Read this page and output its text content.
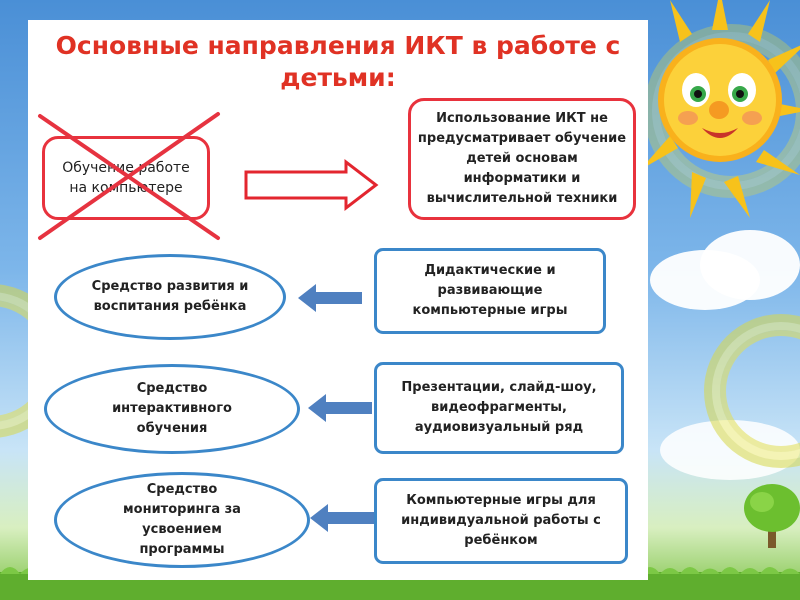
Основные направления ИКТ в работе с
детьми:
Обучение работе
на компьютере
Использование ИКТ не
предусматривает обучение
детей основам
информатики и
вычислительной техники
Средство развития и
воспитания ребёнка
Дидактические и
развивающие
компьютерные игры
Средство
интерактивного
обучения
Презентации, слайд-шоу,
видеофрагменты,
аудиовизуальный ряд
Средство
мониторинга за
усвоением
программы
Компьютерные игры для
индивидуальной работы с
ребёнком
